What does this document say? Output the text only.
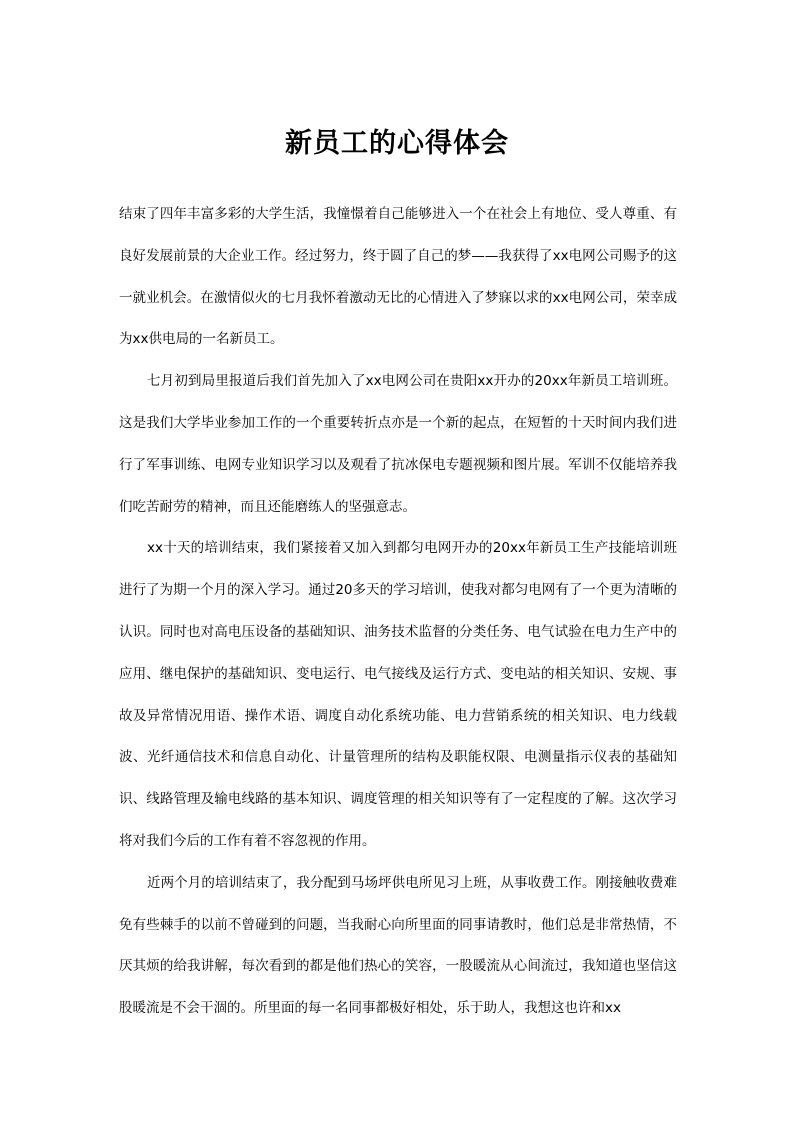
新员工的心得体会

结束了四年丰富多彩的大学生活，我憧憬着自己能够进入一个在社会上有地位、受人尊重、有良好发展前景的大企业工作。经过努力，终于圆了自己的梦——我获得了xx电网公司赐予的这一就业机会。在激情似火的七月我怀着激动无比的心情进入了梦寐以求的xx电网公司，荣幸成为xx供电局的一名新员工。

七月初到局里报道后我们首先加入了xx电网公司在贵阳xx开办的20xx年新员工培训班。这是我们大学毕业参加工作的一个重要转折点亦是一个新的起点，在短暂的十天时间内我们进行了军事训练、电网专业知识学习以及观看了抗冰保电专题视频和图片展。军训不仅能培养我们吃苦耐劳的精神，而且还能磨练人的坚强意志。

xx十天的培训结束，我们紧接着又加入到都匀电网开办的20xx年新员工生产技能培训班进行了为期一个月的深入学习。通过20多天的学习培训，使我对都匀电网有了一个更为清晰的认识。同时也对高电压设备的基础知识、油务技术监督的分类任务、电气试验在电力生产中的应用、继电保护的基础知识、变电运行、电气接线及运行方式、变电站的相关知识、安规、事故及异常情况用语、操作术语、调度自动化系统功能、电力营销系统的相关知识、电力线载波、光纤通信技术和信息自动化、计量管理所的结构及职能权限、电测量指示仪表的基础知识、线路管理及输电线路的基本知识、调度管理的相关知识等有了一定程度的了解。这次学习将对我们今后的工作有着不容忽视的作用。

近两个月的培训结束了，我分配到马场坪供电所见习上班，从事收费工作。刚接触收费难免有些棘手的以前不曾碰到的问题，当我耐心向所里面的同事请教时，他们总是非常热情，不厌其烦的给我讲解，每次看到的都是他们热心的笑容，一股暖流从心间流过，我知道也坚信这股暖流是不会干涸的。所里面的每一名同事都极好相处，乐于助人，我想这也许和xx
